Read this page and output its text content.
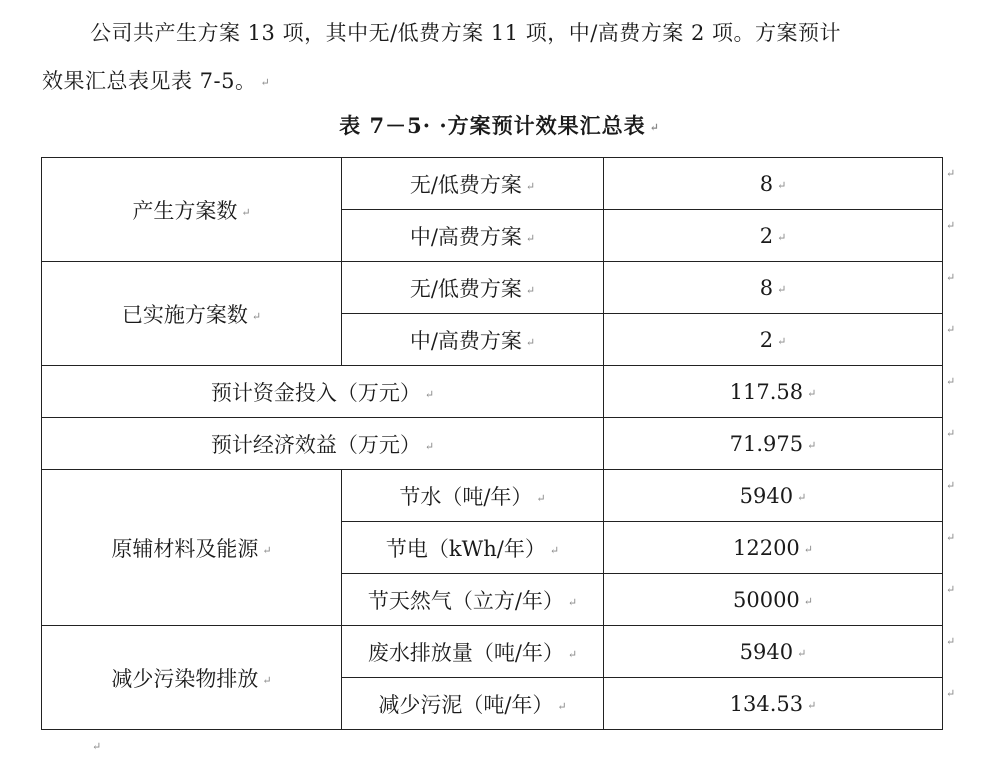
公司共产生方案 13 项，其中无/低费方案 11 项，中/高费方案 2 项。方案预计
效果汇总表见表 7-5。 ↵
表 7－5· ·方案预计效果汇总表 ↵
产生方案数 ↵	无/低费方案 ↵	8 ↵
	中/高费方案 ↵	2 ↵
已实施方案数 ↵	无/低费方案 ↵	8 ↵
	中/高费方案 ↵	2 ↵
预计资金投入（万元） ↵		117.58 ↵
预计经济效益（万元） ↵		71.975 ↵
原辅材料及能源 ↵	节水（吨/年） ↵	5940 ↵
	节电（kWh/年） ↵	12200 ↵
	节天然气（立方/年） ↵	50000 ↵
减少污染物排放 ↵	废水排放量（吨/年） ↵	5940 ↵
	减少污泥（吨/年） ↵	134.53 ↵
↵
↵
↵
↵
↵
↵
↵
↵
↵
↵
↵
↵
